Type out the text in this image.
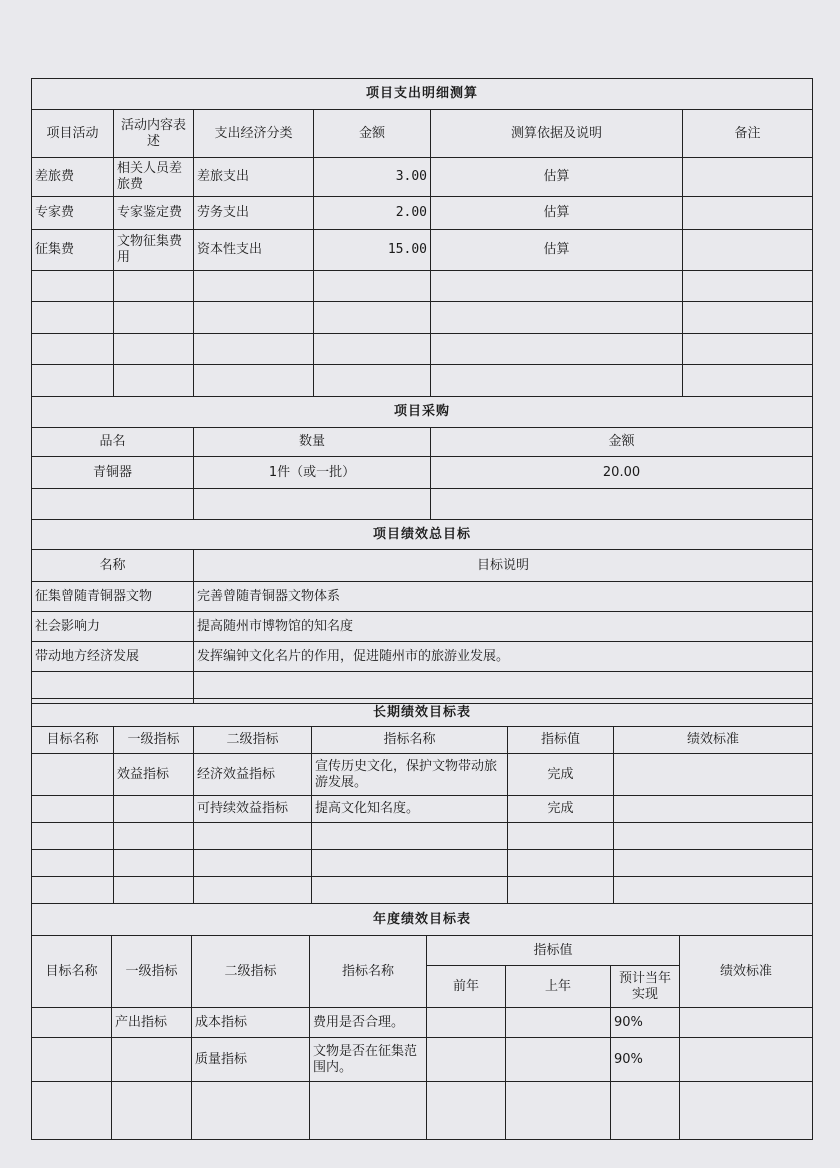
项目支出明细测算					
项目活动	活动内容表述	支出经济分类	金额	测算依据及说明	备注
差旅费	相关人员差旅费	差旅支出	3.00	估算	
专家费	专家鉴定费	劳务支出	2.00	估算	
征集费	文物征集费用	资本性支出	15.00	估算	

项目采购					
品名		数量		金额	
青铜器		1件（或一批）		20.00	

项目绩效总目标					
名称		目标说明			
征集曾随青铜器文物		完善曾随青铜器文物体系			
社会影响力		提高随州市博物馆的知名度			
带动地方经济发展		发挥编钟文化名片的作用，促进随州市的旅游业发展。			

长期绩效目标表					
目标名称	一级指标	二级指标	指标名称	指标值	绩效标准
	效益指标	经济效益指标	宣传历史文化，保护文物带动旅游发展。	完成	
		可持续效益指标	提高文化知名度。	完成	

年度绩效目标表							
目标名称	一级指标	二级指标	指标名称	指标值			绩效标准
				前年	上年	预计当年实现	
	产出指标	成本指标	费用是否合理。			90%	
		质量指标	文物是否在征集范围内。			90%	
